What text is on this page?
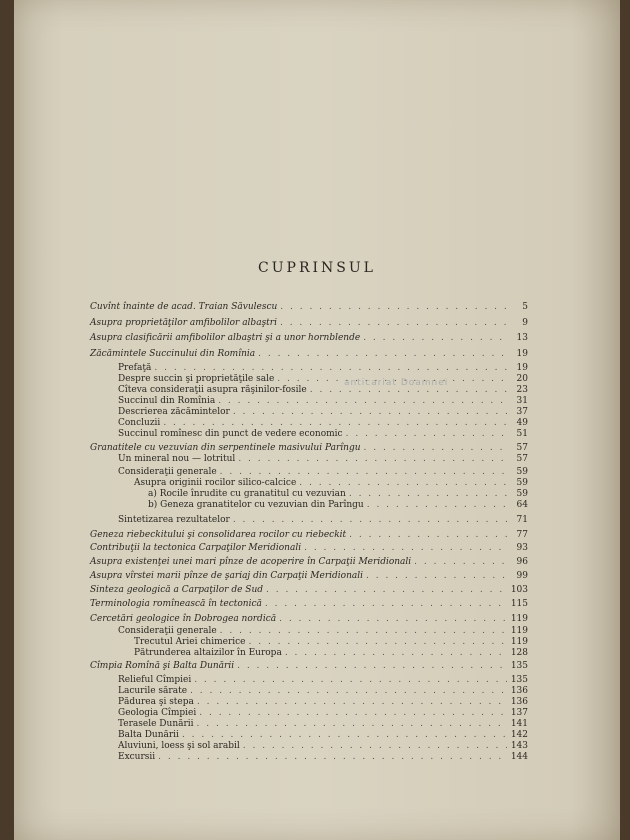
CUPRINSUL
anticariat Doamnei
Cuvînt înainte de acad. Traian Săvulescu . . .	5
Asupra proprietăţilor amfibolilor albaştri . . .	9
Asupra clasificării amfibolilor albaştri şi a unor hornblende . . .	13
Zăcămintele Succinului din Romînia . . .	19
Prefaţă . . .	19
Despre succin şi proprietăţile sale . . .	20
Cîteva consideraţii asupra răşinilor-fosile . . .	23
Succinul din Romînia . . .	31
Descrierea zăcămintelor . . .	37
Concluzii . . .	49
Succinul romînesc din punct de vedere economic . . .	51
Granatitele cu vezuvian din serpentinele masivului Parîngu . . .	57
Un mineral nou — lotritul . . .	57
Consideraţii generale . . .	59
Asupra originii rocilor silico-calcice . . .	59
a) Rocile înrudite cu granatitul cu vezuvian . . .	59
b) Geneza granatitelor cu vezuvian din Parîngu . . .	64
Sintetizarea rezultatelor . . .	71
Geneza riebeckitului şi consolidarea rocilor cu riebeckit . . .	77
Contribuţii la tectonica Carpaţilor Meridionali . . .	93
Asupra existenţei unei mari pînze de acoperire în Carpaţii Meridionali . . .	96
Asupra vîrstei marii pînze de şariaj din Carpaţii Meridionali . . .	99
Sinteza geologică a Carpaţilor de Sud . . .	103
Terminologia romînească în tectonică . . .	115
Cercetări geologice în Dobrogea nordică . . .	119
Consideraţii generale . . .	119
Trecutul Ariei chimerice . . .	119
Pătrunderea altaizilor în Europa . . .	128
Cîmpia Romînă şi Balta Dunării . . .	135
Relieful Cîmpiei . . .	135
Lacurile sărate . . .	136
Pădurea şi stepa . . .	136
Geologia Cîmpiei . . .	137
Terasele Dunării . . .	141
Balta Dunării . . .	142
Aluviuni, loess şi sol arabil . . .	143
Excursii . . .	144
